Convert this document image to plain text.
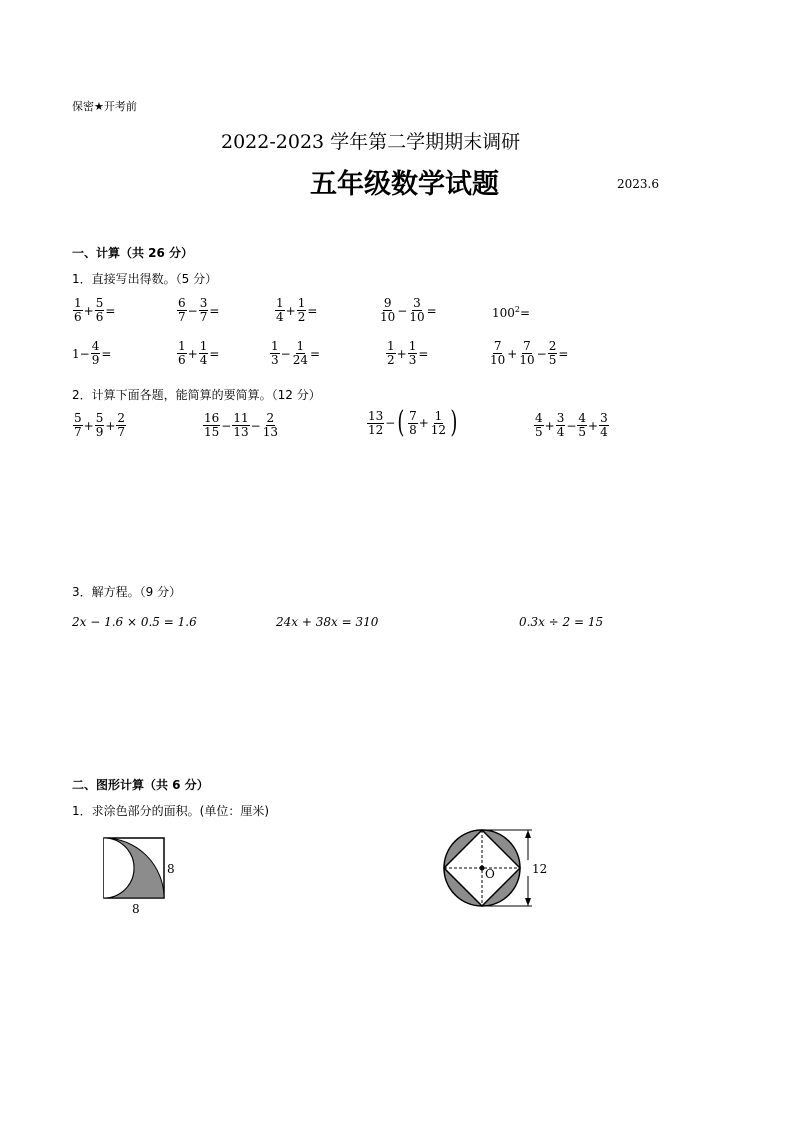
保密★开考前
2022-2023 学年第二学期期末调研
五年级数学试题	2023.6
一、计算（共 26 分）
1．直接写出得数。（5 分）
$\frac{1}{6} + \frac{5}{6}$ =	$\frac{6}{7} - \frac{3}{7}$ =	$\frac{1}{4} + \frac{1}{2}$ =	$\frac{9}{10} - \frac{3}{10}$ =	$100^2=$
$1- \frac{4}{9}$ =	$\frac{1}{6} + \frac{1}{4}$ =	$\frac{1}{3} - \frac{1}{24}$ =	$\frac{1}{2} + \frac{1}{3}$ =	$\frac{7}{10} + \frac{7}{10} - \frac{2}{5}$ =
2．计算下面各题，能简算的要简算。（12 分）
$\frac{5}{7} + \frac{5}{9} + \frac{2}{7}$	$\frac{16}{15} - \frac{11}{13} - \frac{2}{13}$	$\frac{13}{12}$ − ( $\frac{7}{8} + \frac{1}{12}$ )	$\frac{4}{5} + \frac{3}{4} - \frac{4}{5} + \frac{3}{4}$
3．解方程。（9 分）
2x − 1.6 × 0.5 = 1.6	24x + 38x = 310	0.3x ÷ 2 = 15
二、图形计算（共 6 分）
1．求涂色部分的面积。(单位：厘米)
8
8
O	12
